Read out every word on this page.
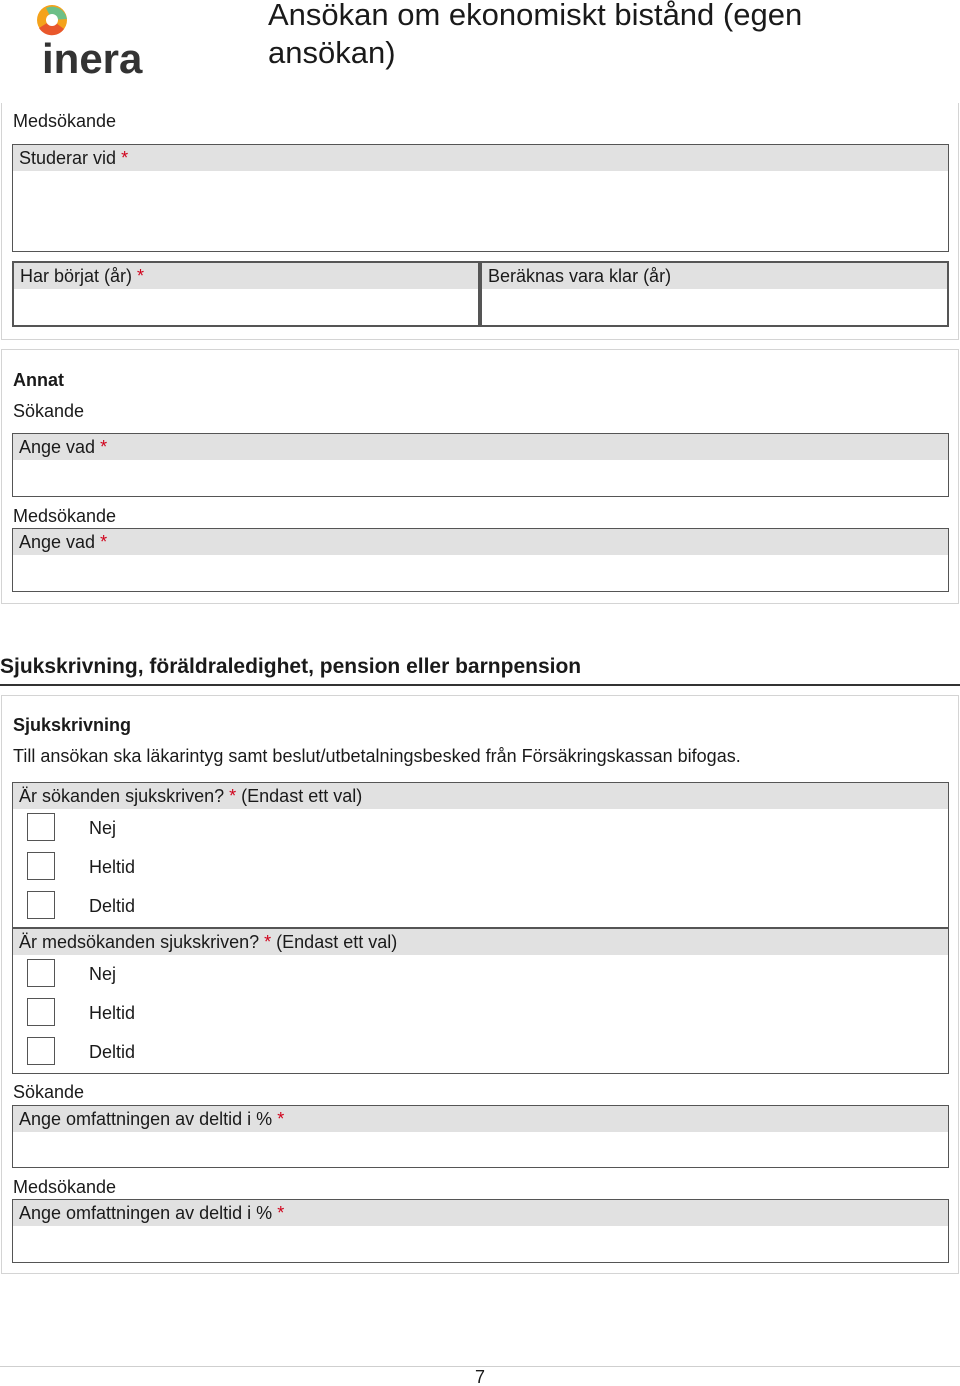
inera
Ansökan om ekonomiskt bistånd (egen ansökan)
Medsökande
Studerar vid *
Har börjat (år) *	Beräknas vara klar (år)
Annat
Sökande
Ange vad *
Medsökande
Ange vad *
Sjukskrivning, föräldraledighet, pension eller barnpension
Sjukskrivning
Till ansökan ska läkarintyg samt beslut/utbetalningsbesked från Försäkringskassan bifogas.
Är sökanden sjukskriven? * (Endast ett val)
Nej
Heltid
Deltid
Är medsökanden sjukskriven? * (Endast ett val)
Nej
Heltid
Deltid
Sökande
Ange omfattningen av deltid i % *
Medsökande
Ange omfattningen av deltid i % *
7
